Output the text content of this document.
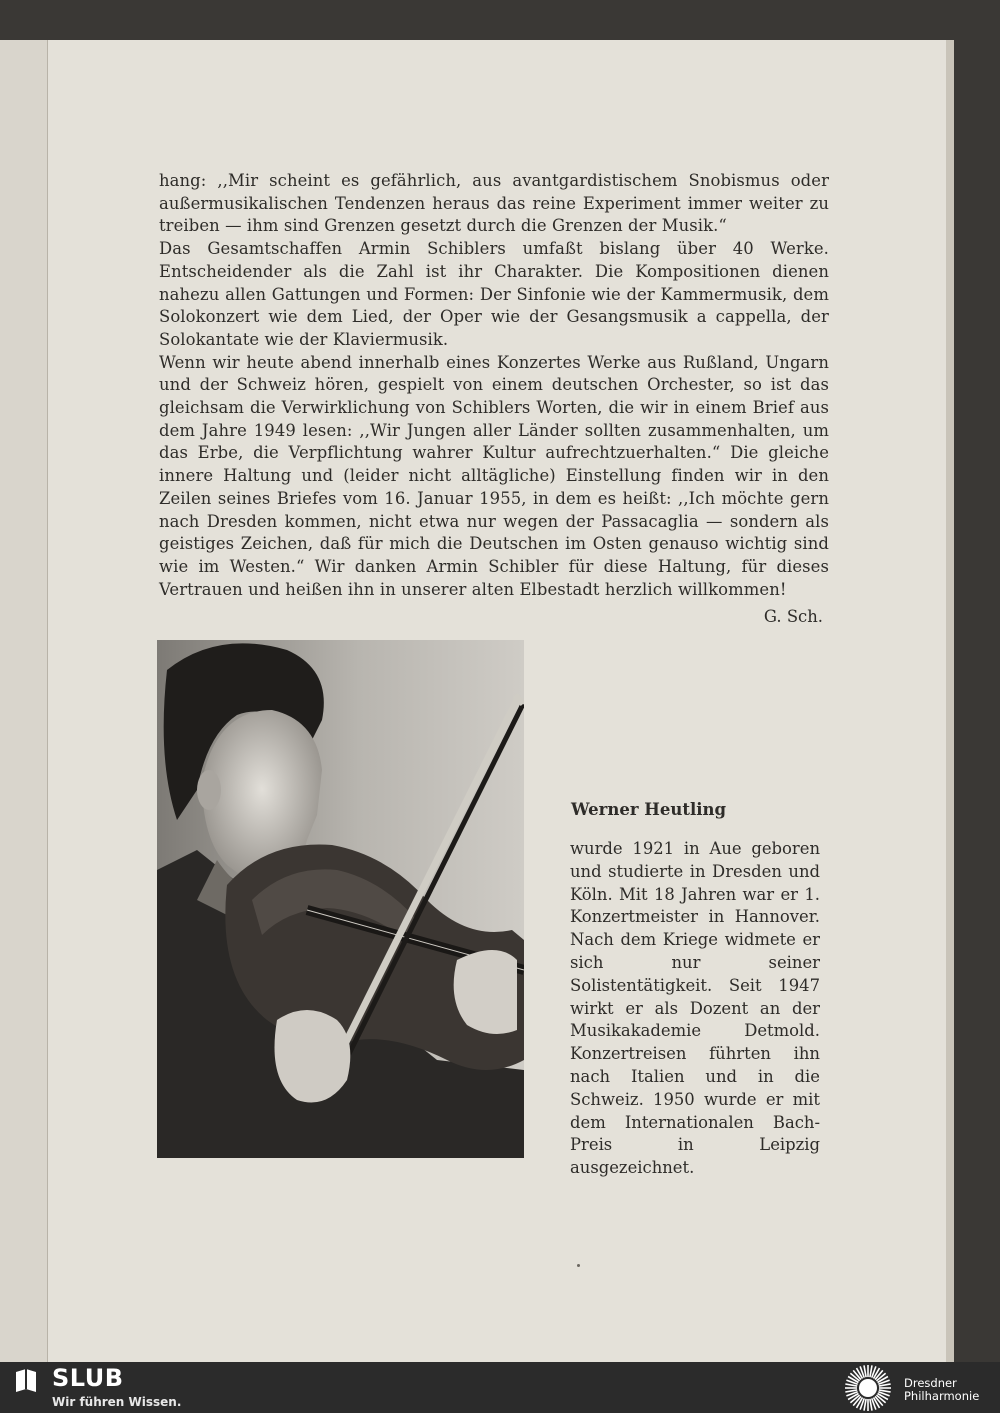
hang: ,,Mir scheint es gefährlich, aus avantgardistischem Snobismus oder außermusikalischen Tendenzen heraus das reine Experiment immer weiter zu treiben — ihm sind Grenzen gesetzt durch die Grenzen der Musik.“

Das Gesamtschaffen Armin Schiblers umfaßt bislang über 40 Werke. Entscheidender als die Zahl ist ihr Charakter. Die Kompositionen dienen nahezu allen Gattungen und Formen: Der Sinfonie wie der Kammermusik, dem Solokonzert wie dem Lied, der Oper wie der Gesangsmusik a cappella, der Solokantate wie der Klaviermusik.

Wenn wir heute abend innerhalb eines Konzertes Werke aus Rußland, Ungarn und der Schweiz hören, gespielt von einem deutschen Orchester, so ist das gleichsam die Verwirklichung von Schiblers Worten, die wir in einem Brief aus dem Jahre 1949 lesen: ,,Wir Jungen aller Länder sollten zusammenhalten, um das Erbe, die Verpflichtung wahrer Kultur aufrechtzuerhalten.“ Die gleiche innere Haltung und (leider nicht alltägliche) Einstellung finden wir in den Zeilen seines Briefes vom 16. Januar 1955, in dem es heißt: ,,Ich möchte gern nach Dresden kommen, nicht etwa nur wegen der Passacaglia — sondern als geistiges Zeichen, daß für mich die Deutschen im Osten genauso wichtig sind wie im Westen.“ Wir danken Armin Schibler für diese Haltung, für dieses Vertrauen und heißen ihn in unserer alten Elbestadt herzlich willkommen!

G. Sch.
Werner Heutling
wurde 1921 in Aue geboren und studierte in Dresden und Köln. Mit 18 Jahren war er 1. Konzertmeister in Hannover. Nach dem Kriege widmete er sich nur seiner Solistentätigkeit. Seit 1947 wirkt er als Dozent an der Musikakademie Detmold. Konzertreisen führten ihn nach Italien und in die Schweiz. 1950 wurde er mit dem Internationalen Bach-Preis in Leipzig ausgezeichnet.
SLUB
Wir führen Wissen.
Dresdner
Philharmonie
